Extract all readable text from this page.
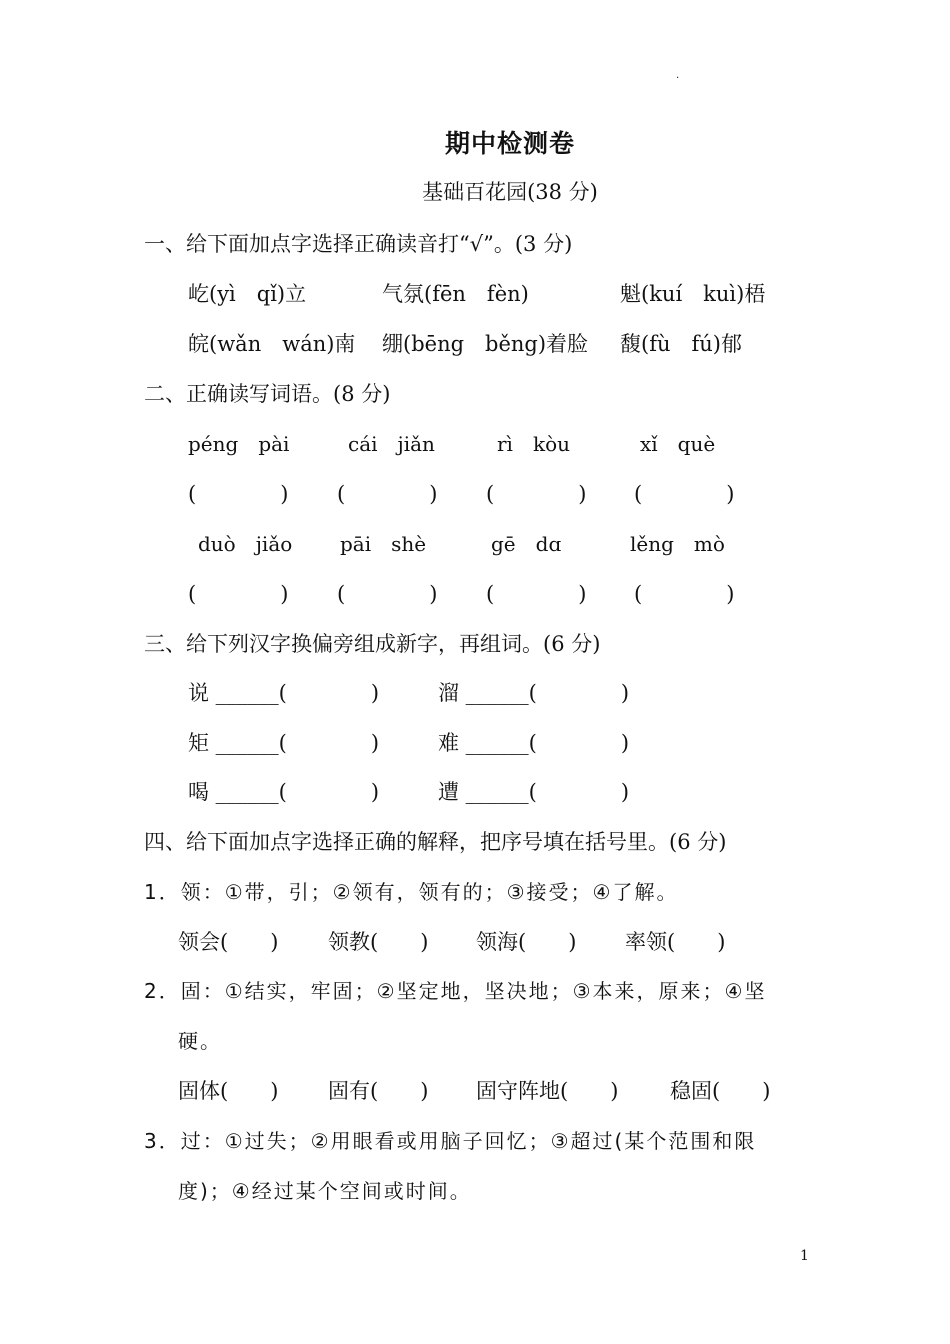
.
期中检测卷
基础百花园(38 分)
一、给下面加点字选择正确读音打“√”。(3 分)
屹(yì　qǐ)立	气氛(fēn　fèn)	魁(kuí　kuì)梧
皖(wǎn　wán)南 绷(bēng　běng)着脸 馥(fù　fú)郁
二、正确读写词语。(8 分)
péng　pài	cái　jiǎn	rì　kòu	xǐ　què
(　　　　) (　　　　) (　　　　) (　　　　)
duò　jiǎo pāi　shè	gē　dɑ	lěng　mò
(　　　　) (　　　　) (　　　　) (　　　　)
三、给下列汉字换偏旁组成新字，再组词。(6 分)
说 ______(　　　　)	溜 ______(　　　　)
矩 ______(　　　　)	难 ______(　　　　)
喝 ______(　　　　)	遭 ______(　　　　)
四、给下面加点字选择正确的解释，把序号填在括号里。(6 分)
1．领：①带，引；②领有，领有的；③接受；④了解。
领会(　　) 领教(　　) 领海(　　) 率领(　　)
2．固：①结实，牢固；②坚定地，坚决地；③本来，原来；④坚
硬。
固体(　　) 固有(　　) 固守阵地(　　) 稳固(　　)
3．过：①过失；②用眼看或用脑子回忆；③超过(某个范围和限
度)；④经过某个空间或时间。
1
